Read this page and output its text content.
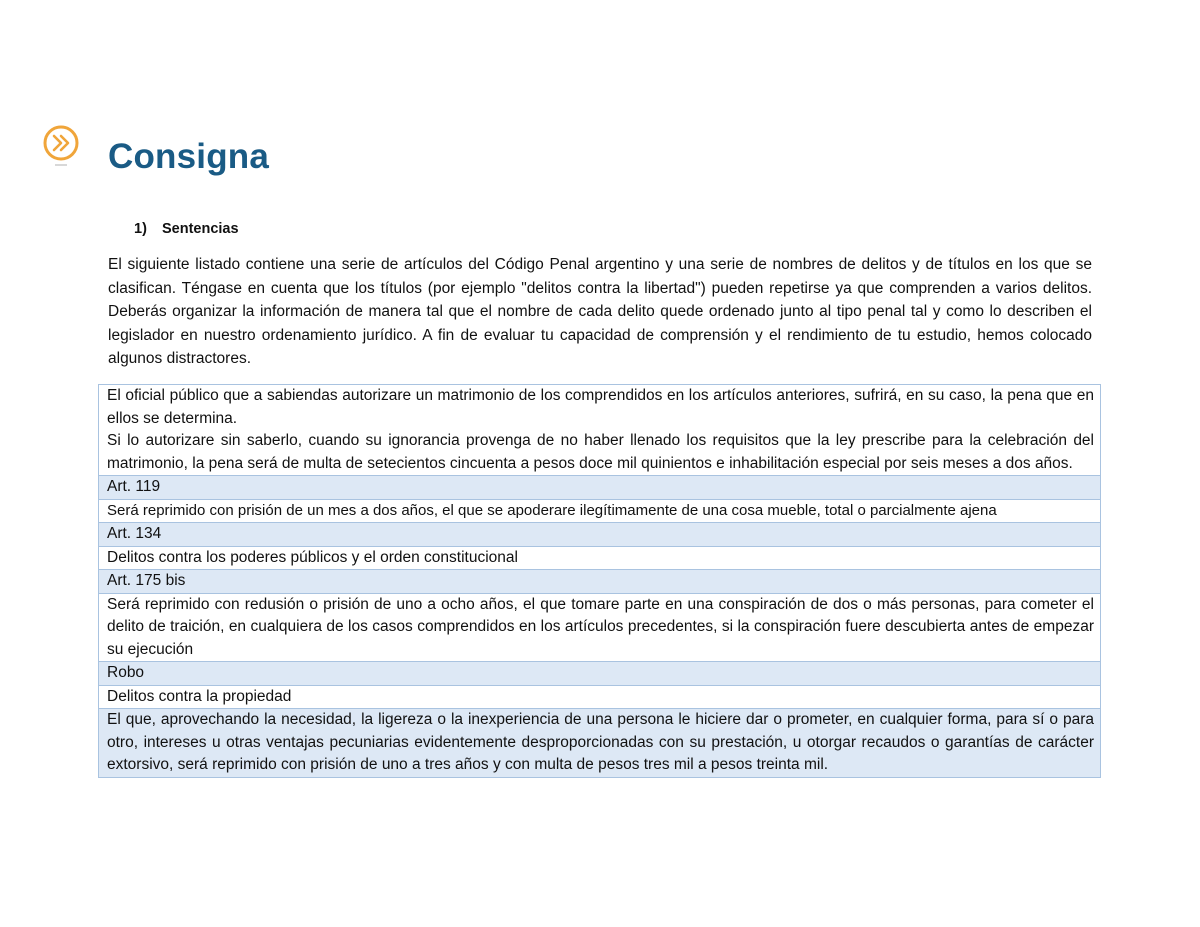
Consigna
1) Sentencias

El siguiente listado contiene una serie de artículos del Código Penal argentino y una serie de nombres de delitos y de títulos en los que se clasifican. Téngase en cuenta que los títulos (por ejemplo "delitos contra la libertad") pueden repetirse ya que comprenden a varios delitos. Deberás organizar la información de manera tal que el nombre de cada delito quede ordenado junto al tipo penal tal y como lo describen el legislador en nuestro ordenamiento jurídico. A fin de evaluar tu capacidad de comprensión y el rendimiento de tu estudio, hemos colocado algunos distractores.

El oficial público que a sabiendas autorizare un matrimonio de los comprendidos en los artículos anteriores, sufrirá, en su caso, la pena que en ellos se determina.
Si lo autorizare sin saberlo, cuando su ignorancia provenga de no haber llenado los requisitos que la ley prescribe para la celebración del matrimonio, la pena será de multa de setecientos cincuenta a pesos doce mil quinientos e inhabilitación especial por seis meses a dos años.

Art. 119

Será reprimido con prisión de un mes a dos años, el que se apoderare ilegítimamente de una cosa mueble, total o parcialmente ajena

Art. 134

Delitos contra los poderes públicos y el orden constitucional

Art. 175 bis

Será reprimido con redusión o prisión de uno a ocho años, el que tomare parte en una conspiración de dos o más personas, para cometer el delito de traición, en cualquiera de los casos comprendidos en los artículos precedentes, si la conspiración fuere descubierta antes de empezar su ejecución

Robo

Delitos contra la propiedad

El que, aprovechando la necesidad, la ligereza o la inexperiencia de una persona le hiciere dar o prometer, en cualquier forma, para sí o para otro, intereses u otras ventajas pecuniarias evidentemente desproporcionadas con su prestación, u otorgar recaudos o garantías de carácter extorsivo, será reprimido con prisión de uno a tres años y con multa de pesos tres mil a pesos treinta mil.
